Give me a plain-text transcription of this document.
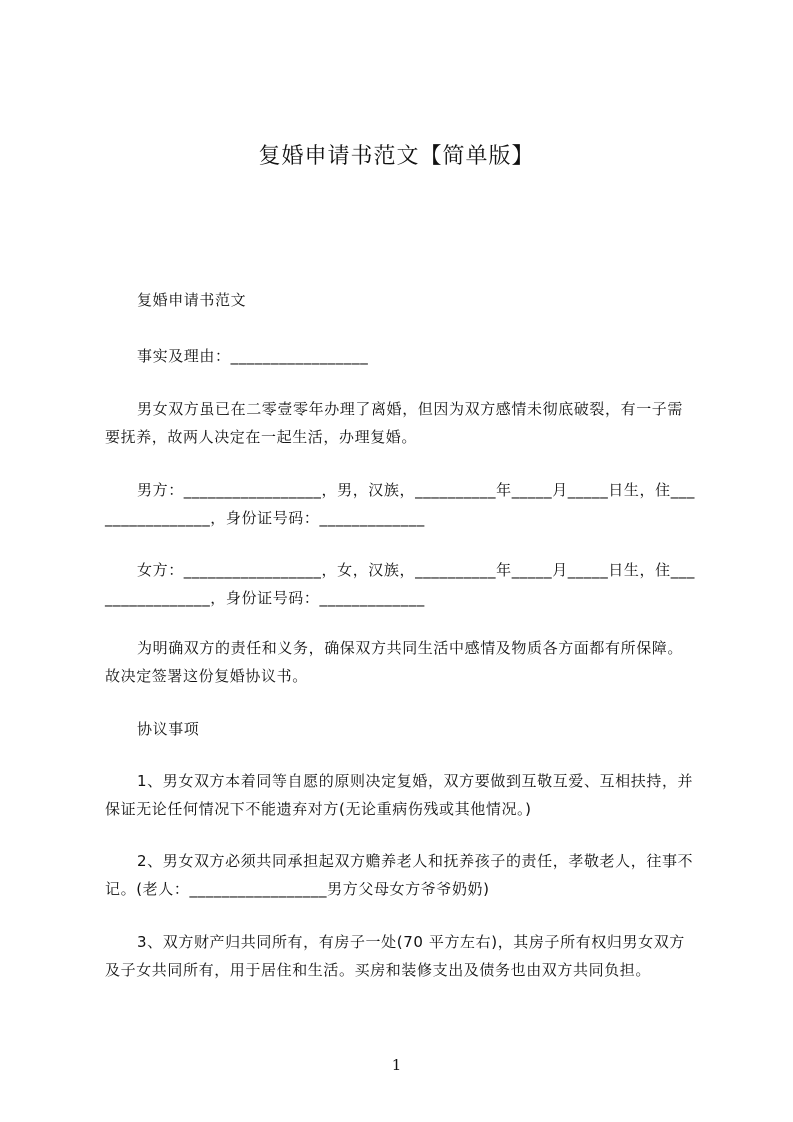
复婚申请书范文【简单版】
复婚申请书范文
事实及理由：_________________
男女双方虽已在二零壹零年办理了离婚，但因为双方感情未彻底破裂，有一子需
要抚养，故两人决定在一起生活，办理复婚。
男方：_________________，男，汉族，__________年_____月_____日生，住___
_____________，身份证号码：_____________
女方：_________________，女，汉族，__________年_____月_____日生，住___
_____________，身份证号码：_____________
为明确双方的责任和义务，确保双方共同生活中感情及物质各方面都有所保障。
故决定签署这份复婚协议书。
协议事项
1、男女双方本着同等自愿的原则决定复婚，双方要做到互敬互爱、互相扶持，并
保证无论任何情况下不能遗弃对方(无论重病伤残或其他情况。)
2、男女双方必须共同承担起双方赡养老人和抚养孩子的责任，孝敬老人，往事不
记。(老人：_________________男方父母女方爷爷奶奶)
3、双方财产归共同所有，有房子一处(70 平方左右)，其房子所有权归男女双方
及子女共同所有，用于居住和生活。买房和装修支出及债务也由双方共同负担。
1
